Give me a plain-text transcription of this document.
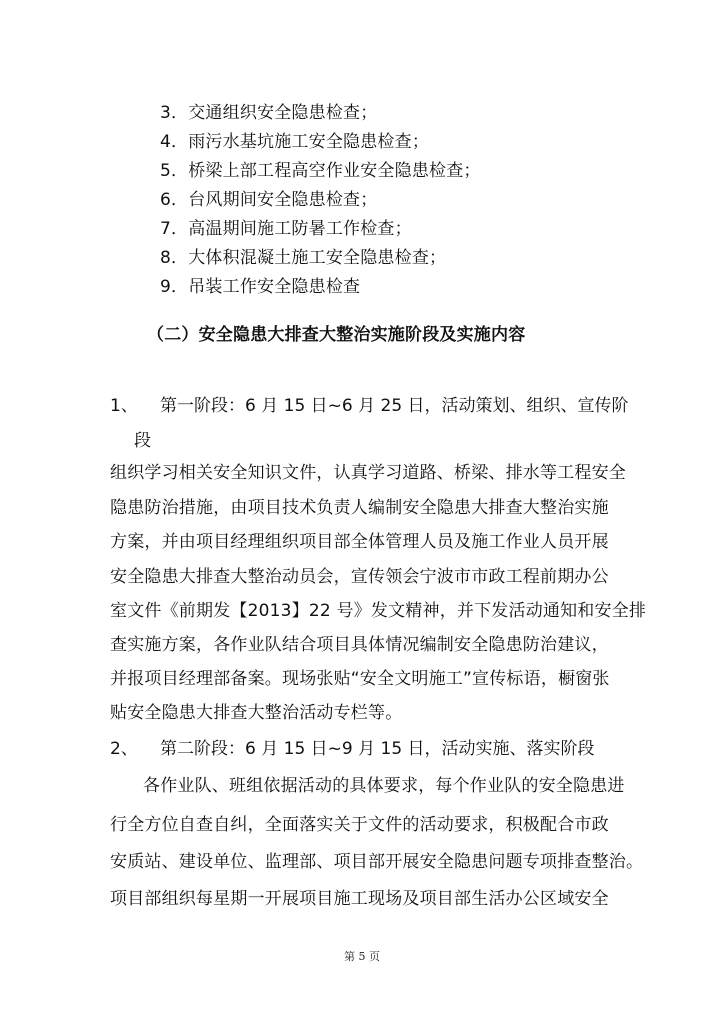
3．交通组织安全隐患检查；
4．雨污水基坑施工安全隐患检查；
5．桥梁上部工程高空作业安全隐患检查；
6．台风期间安全隐患检查；
7．高温期间施工防暑工作检查；
8．大体积混凝土施工安全隐患检查；
9．吊装工作安全隐患检查
（二）安全隐患大排查大整治实施阶段及实施内容
1、 第一阶段：6 月 15 日~6 月 25 日，活动策划、组织、宣传阶
段
组织学习相关安全知识文件，认真学习道路、桥梁、排水等工程安全
隐患防治措施，由项目技术负责人编制安全隐患大排查大整治实施
方案，并由项目经理组织项目部全体管理人员及施工作业人员开展
安全隐患大排查大整治动员会，宣传领会宁波市市政工程前期办公
室文件《前期发【2013】22 号》发文精神，并下发活动通知和安全排
查实施方案，各作业队结合项目具体情况编制安全隐患防治建议，
并报项目经理部备案。现场张贴“安全文明施工”宣传标语，橱窗张
贴安全隐患大排查大整治活动专栏等。
2、 第二阶段：6 月 15 日~9 月 15 日，活动实施、落实阶段
各作业队、班组依据活动的具体要求，每个作业队的安全隐患进
行全方位自查自纠，全面落实关于文件的活动要求，积极配合市政
安质站、建设单位、监理部、项目部开展安全隐患问题专项排查整治。
项目部组织每星期一开展项目施工现场及项目部生活办公区域安全
第 5 页
